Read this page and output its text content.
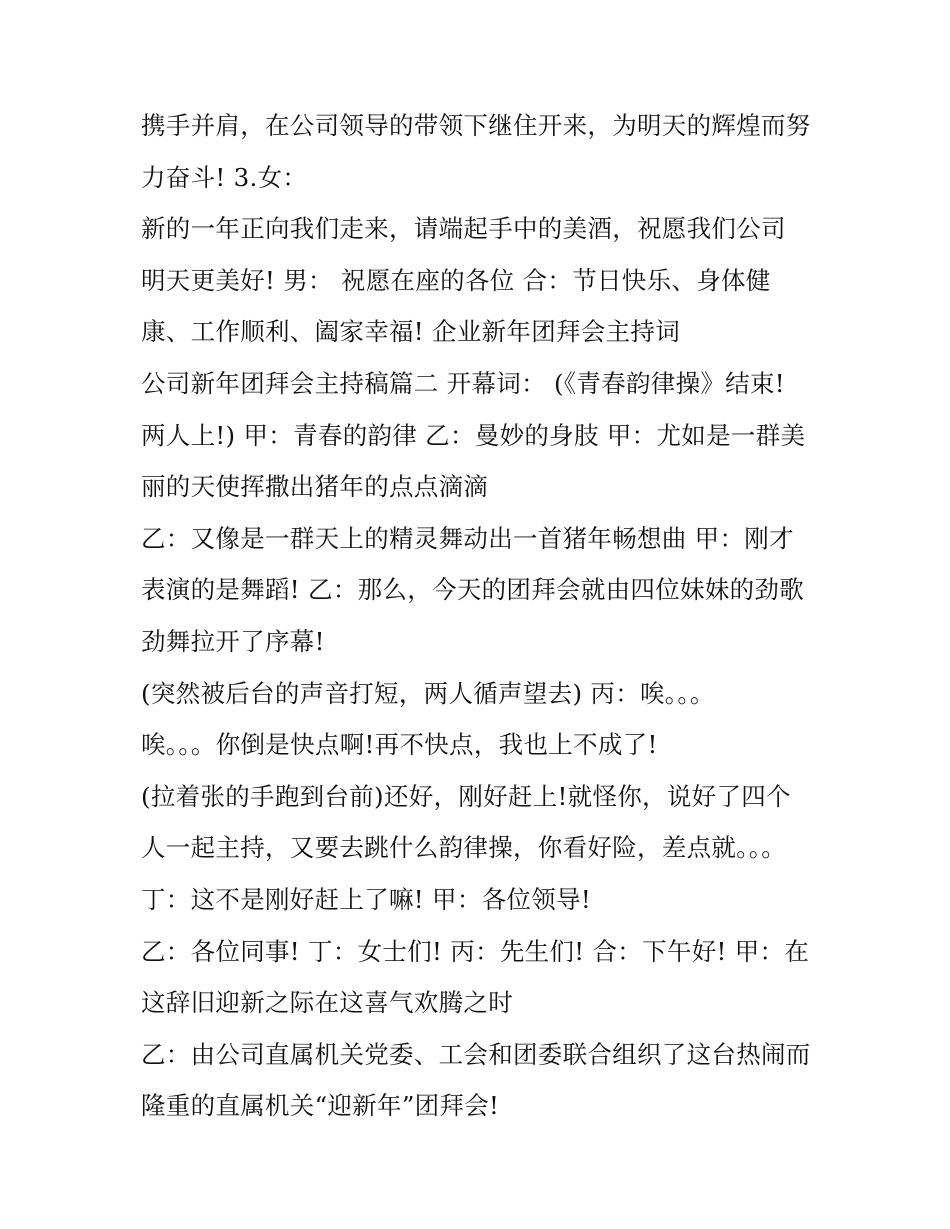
携手并肩，在公司领导的带领下继住开来，为明天的辉煌而努
力奋斗! 3.女：
新的一年正向我们走来，请端起手中的美酒，祝愿我们公司
明天更美好! 男： 祝愿在座的各位 合：节日快乐、身体健
康、工作顺利、阖家幸福! 企业新年团拜会主持词
公司新年团拜会主持稿篇二 开幕词： (《青春韵律操》结束!
两人上!) 甲：青春的韵律 乙：曼妙的身肢 甲：尤如是一群美
丽的天使挥撒出猪年的点点滴滴
乙：又像是一群天上的精灵舞动出一首猪年畅想曲 甲：刚才
表演的是舞蹈! 乙：那么，今天的团拜会就由四位妹妹的劲歌
劲舞拉开了序幕!
(突然被后台的声音打短，两人循声望去) 丙：唉。。。
唉。。。你倒是快点啊!再不快点，我也上不成了!
(拉着张的手跑到台前)还好，刚好赶上!就怪你，说好了四个
人一起主持，又要去跳什么韵律操，你看好险，差点就。。。
丁：这不是刚好赶上了嘛! 甲：各位领导!
乙：各位同事! 丁：女士们! 丙：先生们! 合：下午好! 甲：在
这辞旧迎新之际在这喜气欢腾之时
乙：由公司直属机关党委、工会和团委联合组织了这台热闹而
隆重的直属机关“迎新年”团拜会!
